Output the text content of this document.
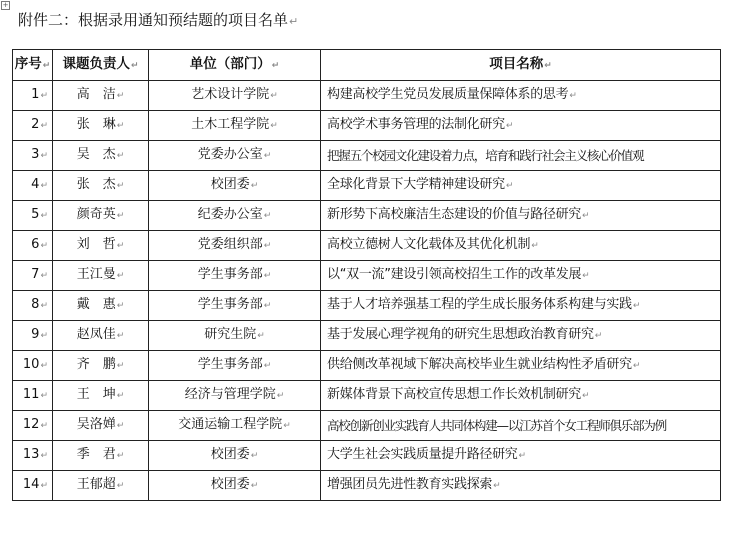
+
附件二：根据录用通知预结题的项目名单↵
序号↵	课题负责人↵	单位（部门）↵	项目名称↵
1↵	高　洁↵	艺术设计学院↵	构建高校学生党员发展质量保障体系的思考↵
2↵	张　琳↵	土木工程学院↵	高校学术事务管理的法制化研究↵
3↵	吴　杰↵	党委办公室↵	把握五个校园文化建设着力点，培育和践行社会主义核心价值观
4↵	张　杰↵	校团委↵	全球化背景下大学精神建设研究↵
5↵	颜奇英↵	纪委办公室↵	新形势下高校廉洁生态建设的价值与路径研究↵
6↵	刘　哲↵	党委组织部↵	高校立德树人文化载体及其优化机制↵
7↵	王江曼↵	学生事务部↵	以“双一流”建设引领高校招生工作的改革发展↵
8↵	戴　惠↵	学生事务部↵	基于人才培养强基工程的学生成长服务体系构建与实践↵
9↵	赵凤佳↵	研究生院↵	基于发展心理学视角的研究生思想政治教育研究↵
10↵	齐　鹏↵	学生事务部↵	供给侧改革视域下解决高校毕业生就业结构性矛盾研究↵
11↵	王　坤↵	经济与管理学院↵	新媒体背景下高校宣传思想工作长效机制研究↵
12↵	吴洛婵↵	交通运输工程学院↵	高校创新创业实践育人共同体构建—以江苏首个女工程师俱乐部为例
13↵	季　君↵	校团委↵	大学生社会实践质量提升路径研究↵
14↵	王郁超↵	校团委↵	增强团员先进性教育实践探索↵
